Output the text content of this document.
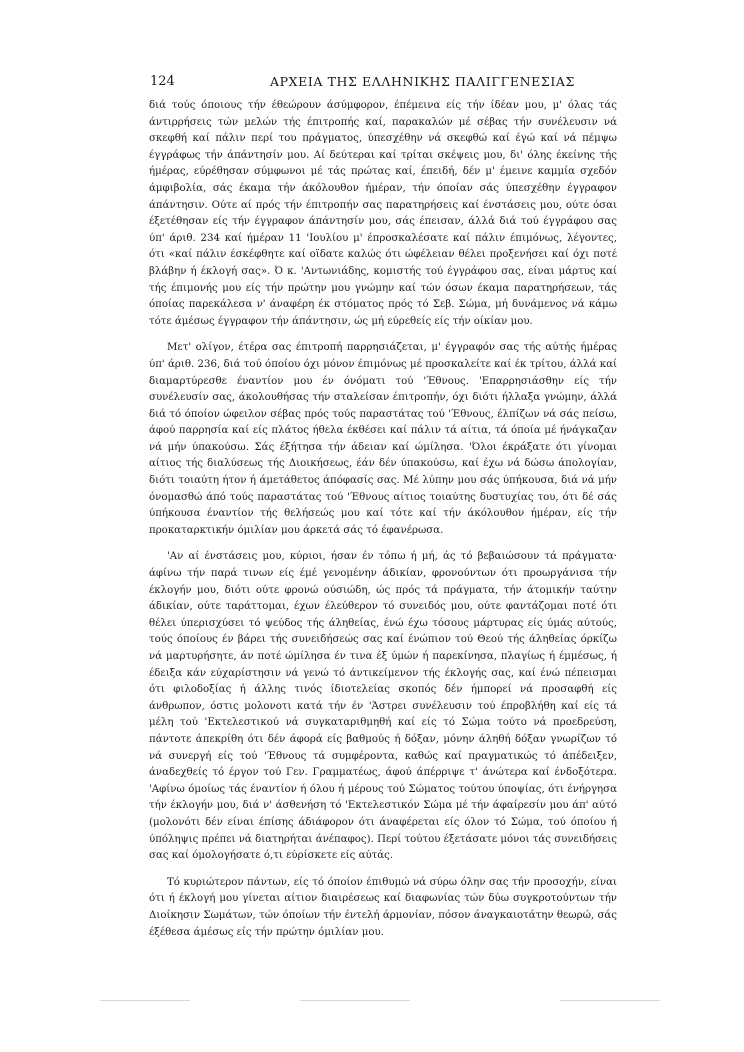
124	ΑΡΧΕΙΑ ΤΗΣ ΕΛΛΗΝΙΚΗΣ ΠΑΛΙΓΓΕΝΕΣΙΑΣ

διά τούς όποιους τήν έθεώρουν άσύμφορον, έπέμεινα είς τήν ίδέαν μου, μ' όλας τάς άντιρρήσεις τών μελών τής έπιτροπής καί, παρακαλών μέ σέβας τήν συνέλευσιν νά σκεφθή καί πάλιν περί του πράγματος, ύπεσχέθην νά σκεφθώ καί έγώ καί νά πέμψω έγγράφως τήν άπάντησίν μου. Αί δεύτεραι καί τρίται σκέψεις μου, δι' όλης έκείνης τής ήμέρας, εύρέθησαν σύμφωνοι μέ τάς πρώτας καί, έπειδή, δέν μ' έμεινε καμμία σχεδόν άμφιβολία, σάς έκαμα τήν άκόλουθον ήμέραν, τήν όποίαν σάς ύπεσχέθην έγγραφον άπάντησιν. Ούτε αί πρός τήν έπιτροπήν σας παρατηρήσεις καί ένστάσεις μου, ούτε όσαι έξετέθησαν είς τήν έγγραφον άπάντησίν μου, σάς έπεισαν, άλλά διά τού έγγράφου σας ύπ' άριθ. 234 καί ήμέραν 11 'Ιουλίου μ' έπροσκαλέσατε καί πάλιν έπιμόνως, λέγοντες, ότι «καί πάλιν έσκέφθητε καί οϊδατε καλώς ότι ώφέλειαν θέλει προξενήσει καί όχι ποτέ βλάβην ή έκλογή σας». Ό κ. 'Αντωνιάδης, κομιστής τού έγγράφου σας, είναι μάρτυς καί τής έπιμονής μου είς τήν πρώτην μου γνώμην καί τών όσων έκαμα παρατηρήσεων, τάς όποίας παρεκάλεσα ν' άναφέρη έκ στόματος πρός τό Σεβ. Σώμα, μή δυνάμενος νά κάμω τότε άμέσως έγγραφον τήν άπάντησιν, ώς μή εύρεθείς είς τήν οίκίαν μου.

Μετ' ολίγον, έτέρα σας έπιτροπή παρρησιάζεται, μ' έγγραφόν σας τής αύτής ήμέρας ύπ' άριθ. 236, διά τού όποίου όχι μόνον έπιμόνως μέ προσκαλείτε καί έκ τρίτου, άλλά καί διαμαρτύρεσθε έναντίον μου έν όνόματι τού 'Έθνους. 'Επαρρησιάσθην είς τήν συνέλευσίν σας, άκολουθήσας τήν σταλείσαν έπιτροπήν, όχι διότι ήλλαξα γνώμην, άλλά διά τό όποίον ώφειλον σέβας πρός τούς παραστάτας τού 'Έθνους, έλπίζων νά σάς πείσω, άφού παρρησία καί είς πλάτος ήθελα έκθέσει καί πάλιν τά αίτια, τά όποία μέ ήνάγκαζαν νά μήν ύπακούσω. Σάς έξήτησα τήν άδειαν καί ώμίλησα. 'Όλοι έκράξατε ότι γίνομαι αίτιος τής διαλύσεως τής Διοικήσεως, έάν δέν ύπακούσω, καί έχω νά δώσω άπολογίαν, διότι τοιαύτη ήτον ή άμετάθετος άπόφασίς σας. Μέ λύπην μου σάς ύπήκουσα, διά νά μήν όνομασθώ άπό τούς παραστάτας τού 'Έθνους αίτιος τοιαύτης δυστυχίας του, ότι δέ σάς ύπήκουσα έναντίον τής θελήσεώς μου καί τότε καί τήν άκόλουθον ήμέραν, είς τήν προκαταρκτικήν όμιλίαν μου άρκετά σάς τό έφανέρωσα.

'Αν αί ένστάσεις μου, κύριοι, ήσαν έν τόπω ή μή, άς τό βεβαιώσουν τά πράγματα· άφίνω τήν παρά τινων είς έμέ γενομένην άδικίαν, φρονούντων ότι προωργάνισα τήν έκλογήν μου, διότι ούτε φρονώ ούσιώδη, ώς πρός τά πράγματα, τήν άτομικήν ταύτην άδικίαν, ούτε ταράττομαι, έχων έλεύθερον τό συνειδός μου, ούτε φαντάζομαι ποτέ ότι θέλει ύπερισχύσει τό ψεύδος τής άληθείας, ένώ έχω τόσους μάρτυρας είς ύμάς αύτούς, τούς όποίους έν βάρει τής συνειδήσεώς σας καί ένώπιον τού Θεού τής άληθείας όρκίζω νά μαρτυρήσητε, άν ποτέ ώμίλησα έν τινα έξ ύμών ή παρεκίνησα, πλαγίως ή έμμέσως, ή έδειξα κάν εύχαρίστησιν νά γενώ τό άντικείμενον τής έκλογής σας, καί ένώ πέπεισμαι ότι φιλοδοξίας ή άλλης τινός ίδιοτελείας σκοπός δέν ήμπορεί νά προσαφθή είς άνθρωπον, όστις μολονοτι κατά τήν έν 'Άστρει συνέλευσιν τού έπροβλήθη καί είς τά μέλη τού 'Εκτελεστικού νά συγκαταριθμηθή καί είς τό Σώμα τούτο νά προεδρεύση, πάντοτε άπεκρίθη ότι δέν άφορά είς βαθμούς ή δόξαν, μόνην άληθή δόξαν γνωρίζων τό νά συνεργή είς τού 'Έθνους τά συμφέροντα, καθώς καί πραγματικώς τό άπέδειξεν, άναδεχθείς τό έργον τού Γεν. Γραμματέως, άφού άπέρριψε τ' άνώτερα καί ένδοξότερα. 'Αφίνω όμοίως τάς έναντίον ή όλου ή μέρους τού Σώματος τούτου ύποψίας, ότι ένήργησα τήν έκλογήν μου, διά ν' άσθενήση τό 'Εκτελεστικόν Σώμα μέ τήν άφαίρεσίν μου άπ' αύτό (μολονότι δέν είναι έπίσης άδιάφορον ότι άναφέρεται είς όλον τό Σώμα, τού όποίου ή ύπόληψις πρέπει νά διατηρήται άνέπαφος). Περί τούτου έξετάσατε μόνοι τάς συνειδήσεις σας καί όμολογήσατε ό,τι εύρίσκετε είς αύτάς.

Τό κυριώτερον πάντων, είς τό όποίον έπιθυμώ νά σύρω όλην σας τήν προσοχήν, είναι ότι ή έκλογή μου γίνεται αίτιον διαιρέσεως καί διαφωνίας τών δύω συγκροτούντων τήν Διοίκησιν Σωμάτων, τών όποίων τήν έντελή άρμονίαν, πόσον άναγκαιοτάτην θεωρώ, σάς έξέθεσα άμέσως είς τήν πρώτην όμιλίαν μου.
